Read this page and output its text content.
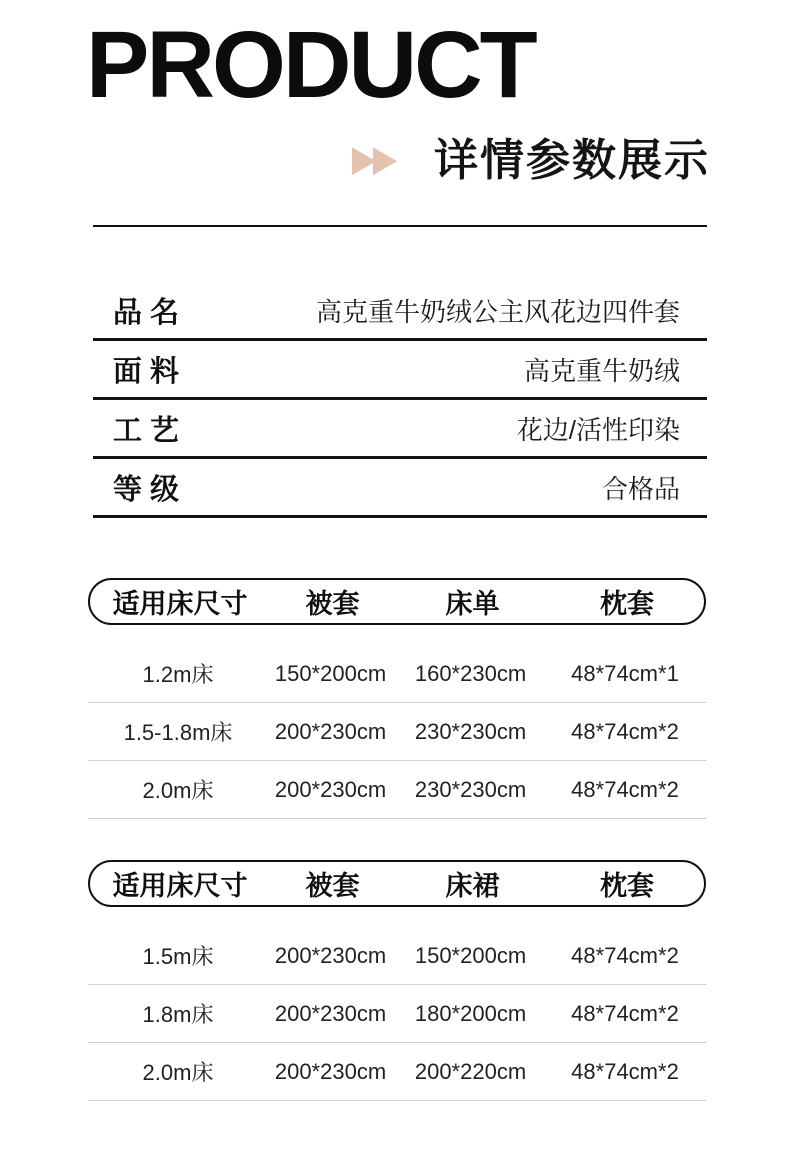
PRODUCT
详情参数展示
品 名	高克重牛奶绒公主风花边四件套
面 料	高克重牛奶绒
工 艺	花边/活性印染
等 级	合格品
适用床尺寸	被套	床单	枕套
1.2m床	150*200cm	160*230cm	48*74cm*1
1.5-1.8m床	200*230cm	230*230cm	48*74cm*2
2.0m床	200*230cm	230*230cm	48*74cm*2
适用床尺寸	被套	床裙	枕套
1.5m床	200*230cm	150*200cm	48*74cm*2
1.8m床	200*230cm	180*200cm	48*74cm*2
2.0m床	200*230cm	200*220cm	48*74cm*2
